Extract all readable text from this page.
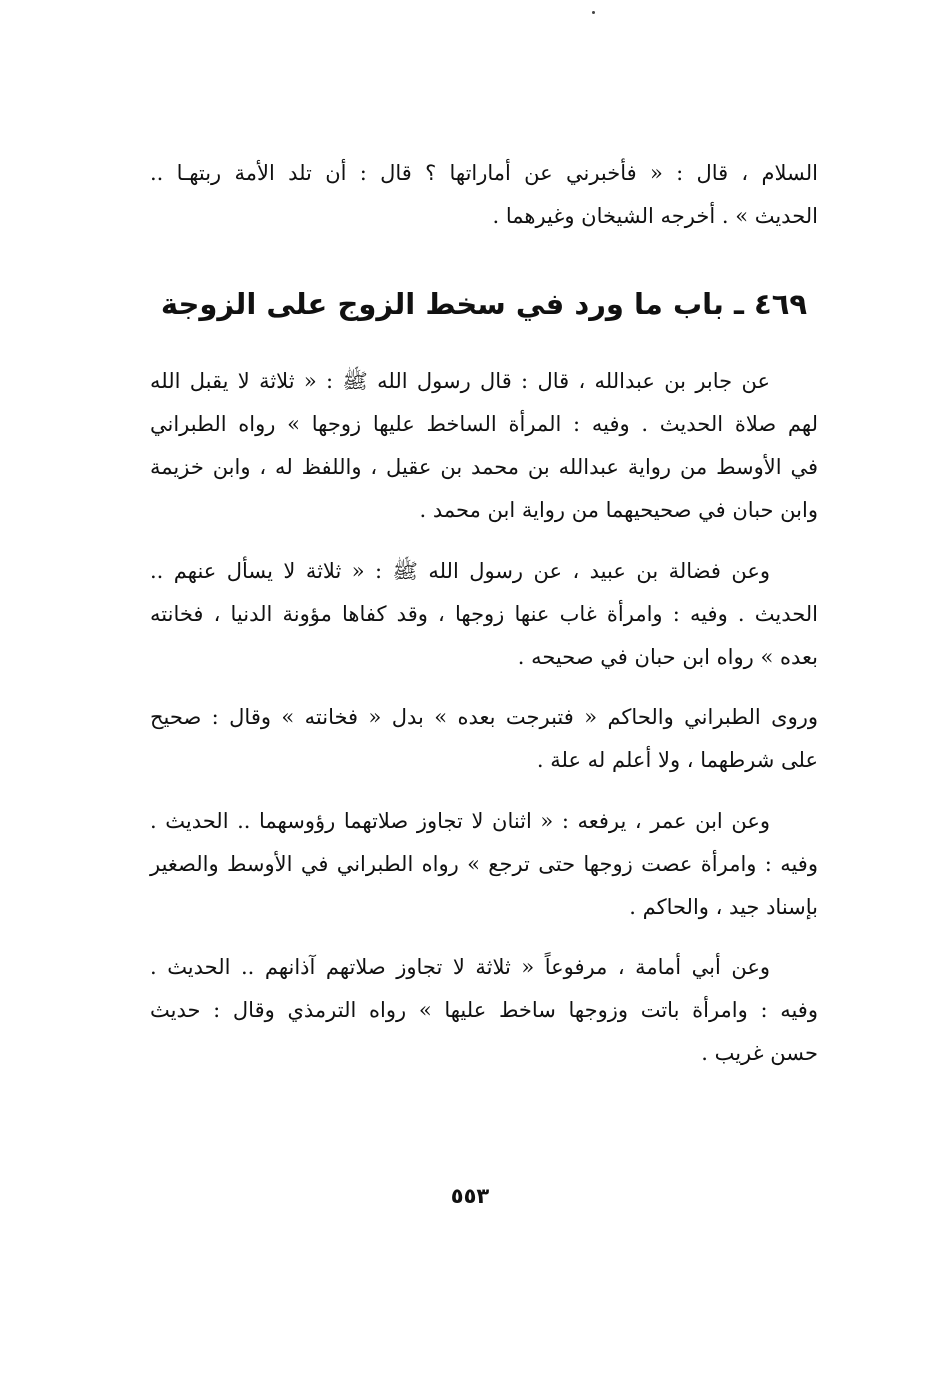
السلام ، قال : « فأخبرني عن أماراتها ؟ قال : أن تلد الأمة ربتهـا ..
الحديث » . أخرجه الشيخان وغيرهما .
٤٦٩ ـ باب ما ورد في سخط الزوج على الزوجة
عن جابر بن عبدالله ، قال : قال رسول الله ﷺ : « ثلاثة لا يقبل الله
لهم صلاة الحديث . وفيه : المرأة الساخط عليها زوجها » رواه الطبراني
في الأوسط من رواية عبدالله بن محمد بن عقيل ، واللفظ له ، وابن خزيمة
وابن حبان في صحيحيهما من رواية ابن محمد .
وعن فضالة بن عبيد ، عن رسول الله ﷺ : « ثلاثة لا يسأل عنهم ..
الحديث . وفيه : وامرأة غاب عنها زوجها ، وقد كفاها مؤونة الدنيا ، فخانته
بعده » رواه ابن حبان في صحيحه .
وروى الطبراني والحاكم « فتبرجت بعده » بدل « فخانته » وقال : صحيح
على شرطهما ، ولا أعلم له علة .
وعن ابن عمر ، يرفعه : « اثنان لا تجاوز صلاتهما رؤوسهما .. الحديث .
وفيه : وامرأة عصت زوجها حتى ترجع » رواه الطبراني في الأوسط والصغير
بإسناد جيد ، والحاكم .
وعن أبي أمامة ، مرفوعاً « ثلاثة لا تجاوز صلاتهم آذانهم .. الحديث .
وفيه : وامرأة باتت وزوجها ساخط عليها » رواه الترمذي وقال : حديث
حسن غريب .
٥٥٣
